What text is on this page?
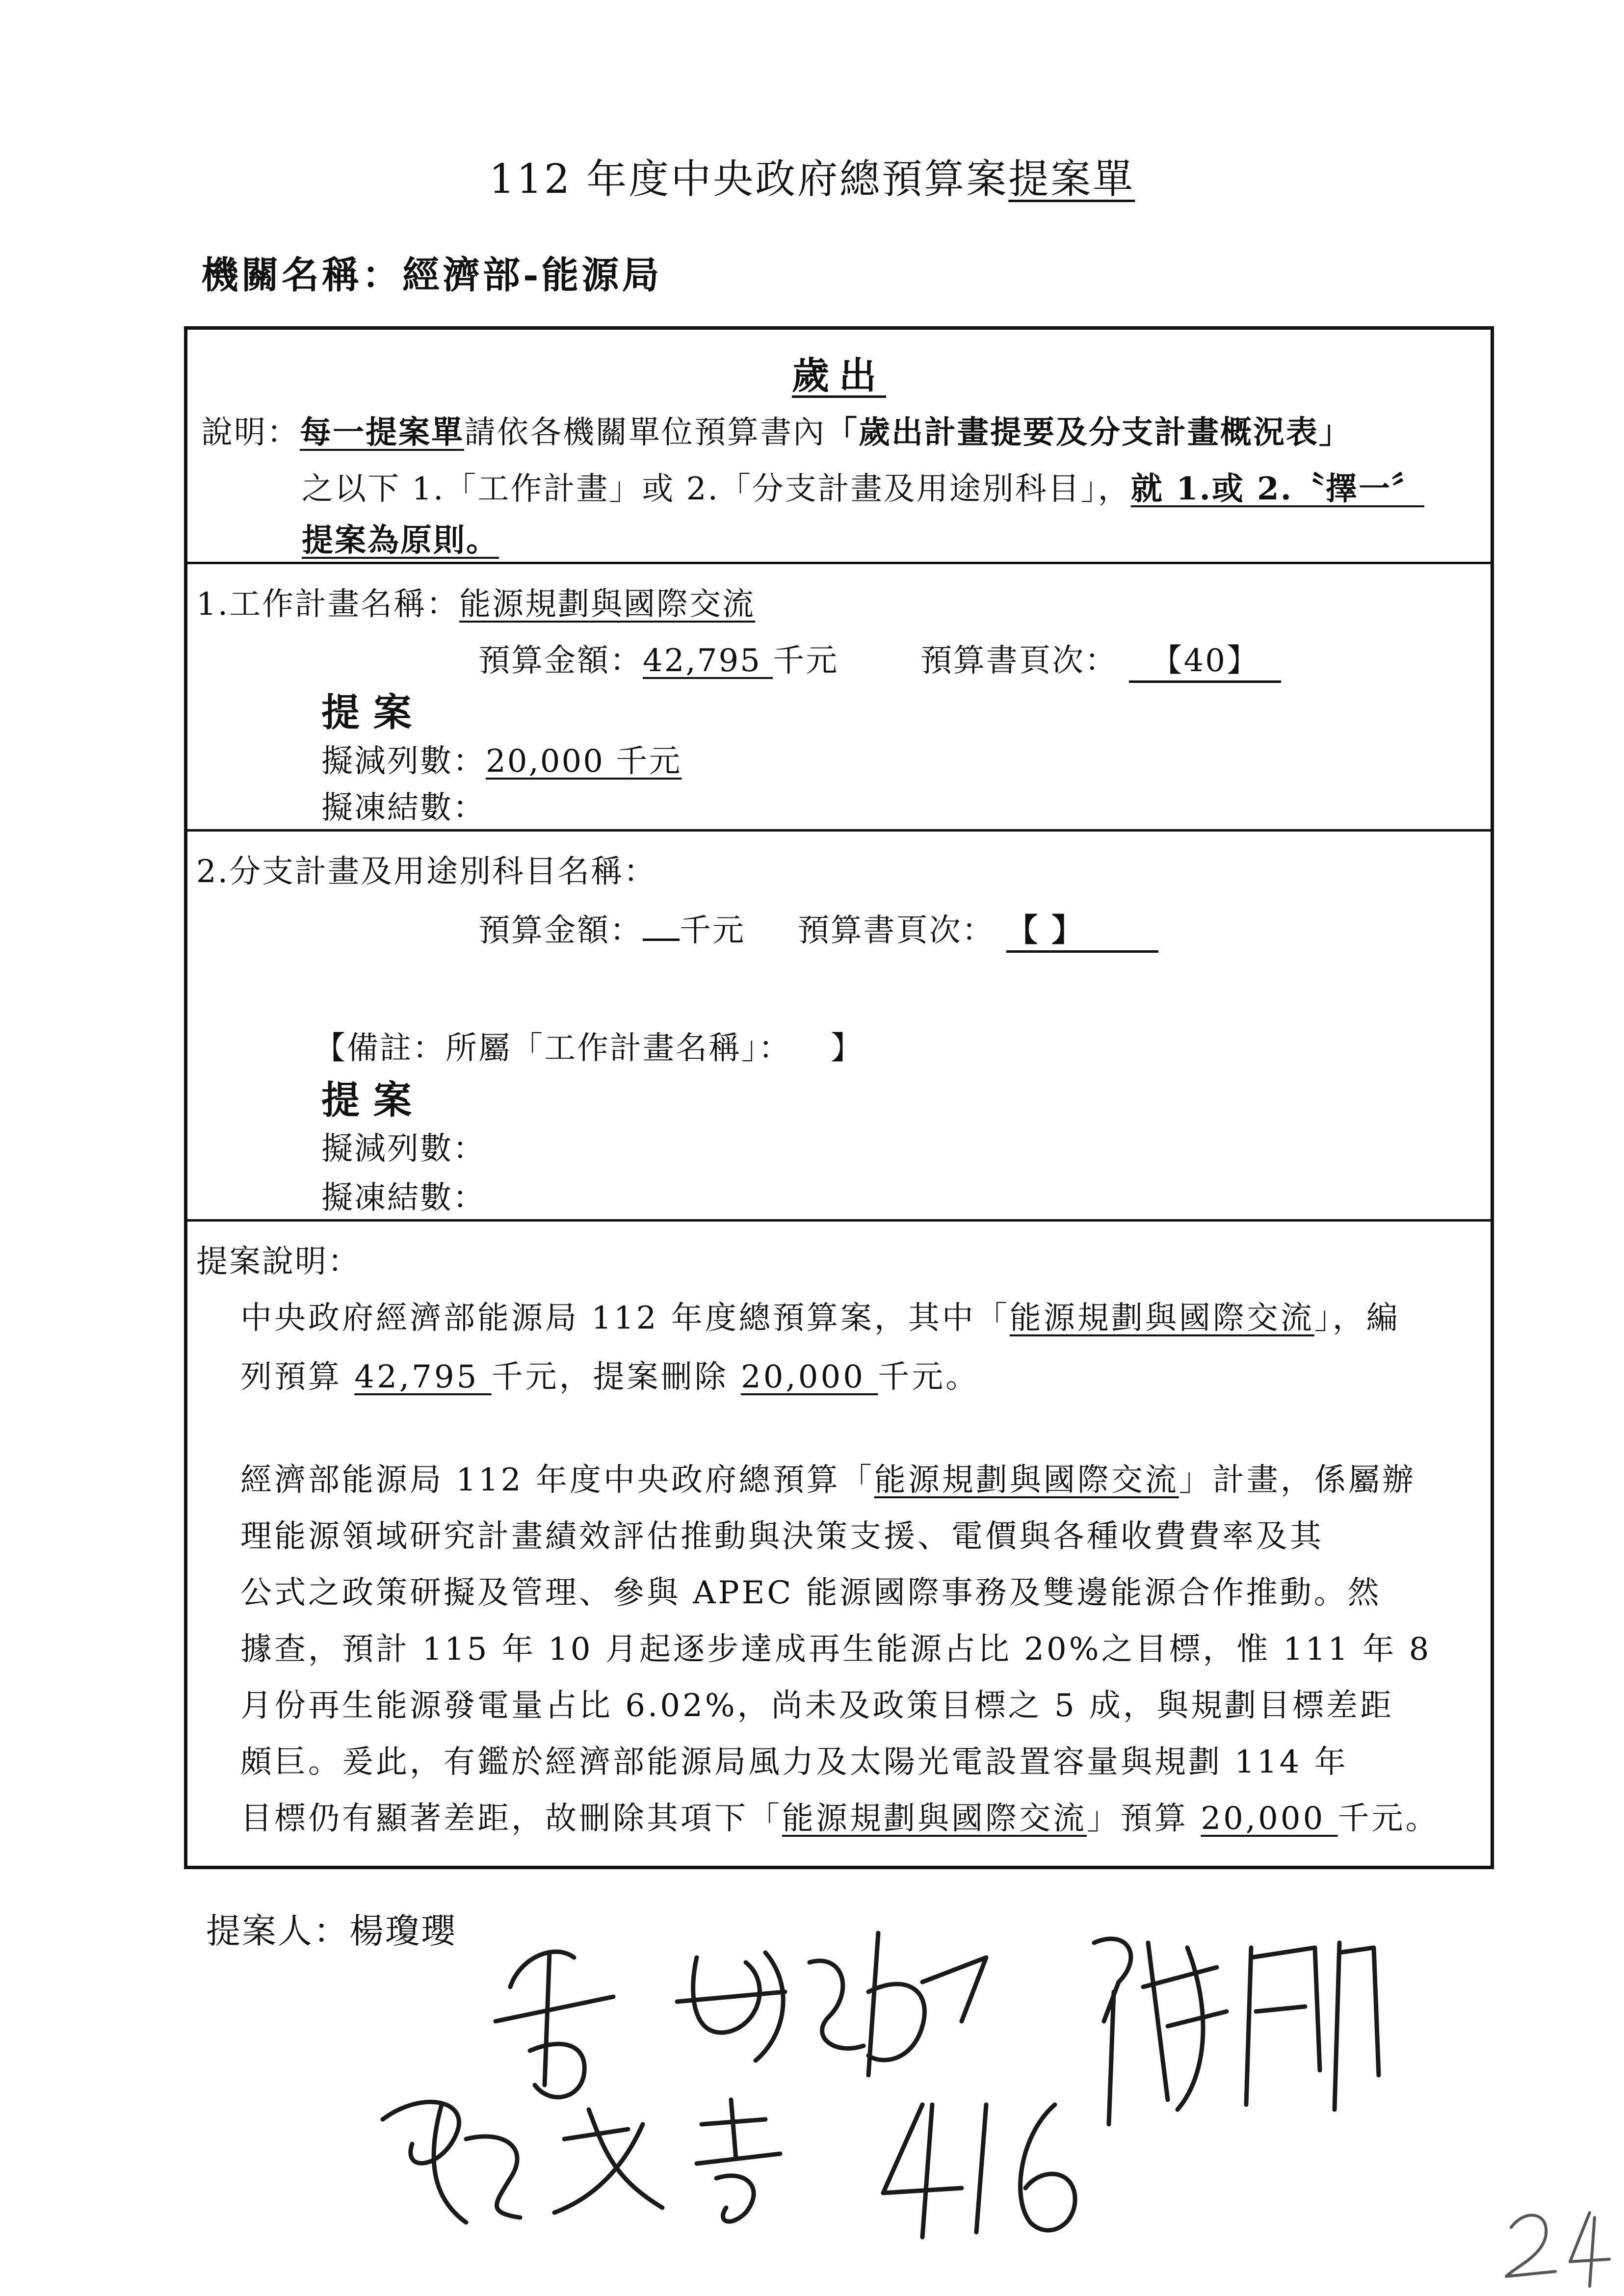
112 年度中央政府總預算案提案單
機關名稱：經濟部-能源局
歲出
說明：每一提案單請依各機關單位預算書內「歲出計畫提要及分支計畫概況表」
之以下 1.「工作計畫」或 2.「分支計畫及用途別科目」，就 1.或 2.〝擇一〞
提案為原則。
1.工作計畫名稱：能源規劃與國際交流
預算金額：42,795 千元	預算書頁次： 【40】
提案
擬減列數：20,000 千元
擬凍結數：
2.分支計畫及用途別科目名稱：
預算金額： 千元 預算書頁次： 【 】
【備註：所屬「工作計畫名稱」： 】
提案
擬減列數：
擬凍結數：
提案說明：
中央政府經濟部能源局 112 年度總預算案，其中「能源規劃與國際交流」，編
列預算 42,795 千元，提案刪除 20,000 千元。
經濟部能源局 112 年度中央政府總預算「能源規劃與國際交流」計畫，係屬辦
理能源領域研究計畫績效評估推動與決策支援、電價與各種收費費率及其
公式之政策研擬及管理、參與 APEC 能源國際事務及雙邊能源合作推動。然
據查，預計 115 年 10 月起逐步達成再生能源占比 20%之目標，惟 111 年 8
月份再生能源發電量占比 6.02%，尚未及政策目標之 5 成，與規劃目標差距
頗巨。爰此，有鑑於經濟部能源局風力及太陽光電設置容量與規劃 114 年
目標仍有顯著差距，故刪除其項下「能源規劃與國際交流」預算 20,000 千元。
提案人：楊瓊瓔
